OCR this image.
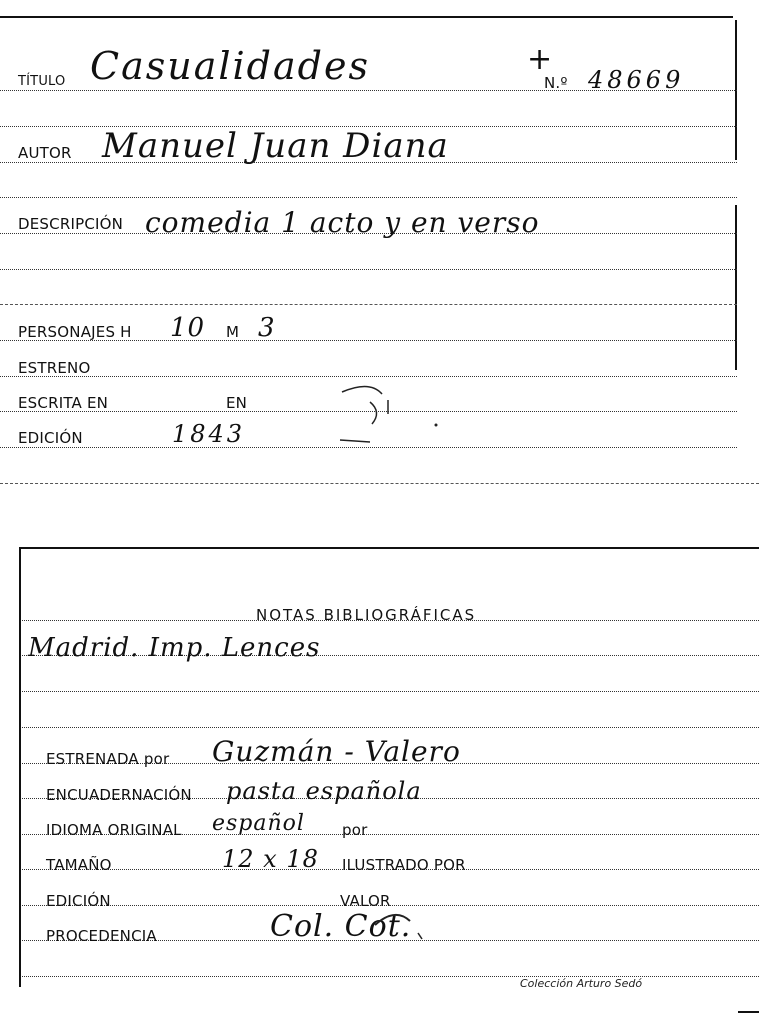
TÍTULO Casualidades	+
N.º 48669
AUTOR Manuel Juan Diana
DESCRIPCIÓN comedia 1 acto y en verso
PERSONAJES H 10 M 3
ESTRENO
ESCRITA EN	EN
EDICIÓN	1843
NOTAS BIBLIOGRÁFICAS
Madrid. Imp. Lences
ESTRENADA por Guzmán - Valero
ENCUADERNACIÓN pasta española
IDIOMA ORIGINAL español por
TAMAÑO	12 x 18 ILUSTRADO POR
EDICIÓN	VALOR
PROCEDENCIA	Col. Cot.
Colección Arturo Sedó
